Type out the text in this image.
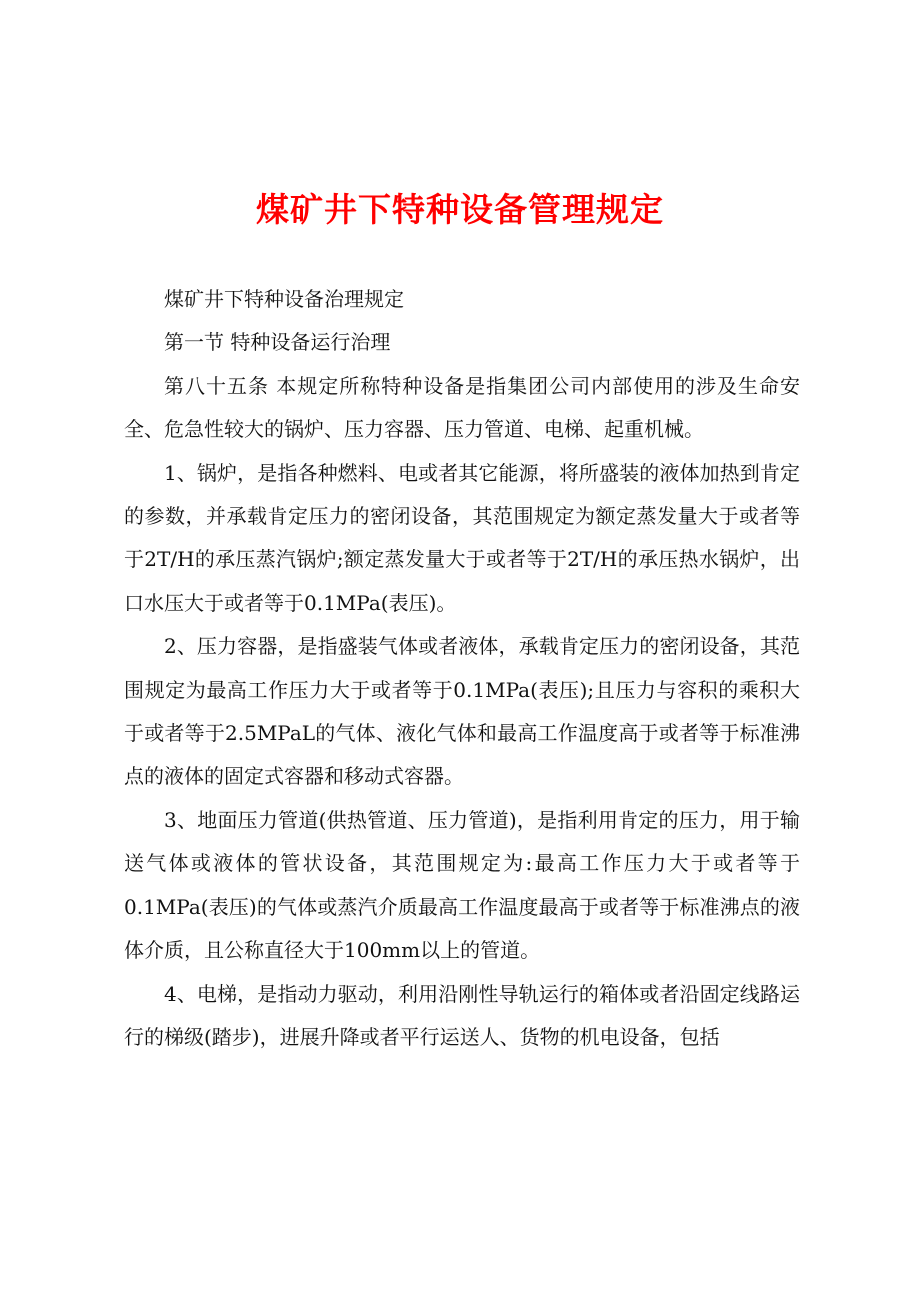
煤矿井下特种设备管理规定

煤矿井下特种设备治理规定

第一节 特种设备运行治理

第八十五条 本规定所称特种设备是指集团公司内部使用的涉及生命安全、危急性较大的锅炉、压力容器、压力管道、电梯、起重机械。

1、锅炉，是指各种燃料、电或者其它能源，将所盛装的液体加热到肯定的参数，并承载肯定压力的密闭设备，其范围规定为额定蒸发量大于或者等于2T/H的承压蒸汽锅炉;额定蒸发量大于或者等于2T/H的承压热水锅炉，出口水压大于或者等于0.1MPa(表压)。

2、压力容器，是指盛装气体或者液体，承载肯定压力的密闭设备，其范围规定为最高工作压力大于或者等于0.1MPa(表压);且压力与容积的乘积大于或者等于2.5MPaL的气体、液化气体和最高工作温度高于或者等于标准沸点的液体的固定式容器和移动式容器。

3、地面压力管道(供热管道、压力管道)，是指利用肯定的压力，用于输送气体或液体的管状设备，其范围规定为:最高工作压力大于或者等于0.1MPa(表压)的气体或蒸汽介质最高工作温度最高于或者等于标准沸点的液体介质，且公称直径大于100mm以上的管道。

4、电梯，是指动力驱动，利用沿刚性导轨运行的箱体或者沿固定线路运行的梯级(踏步)，进展升降或者平行运送人、货物的机电设备，包括
